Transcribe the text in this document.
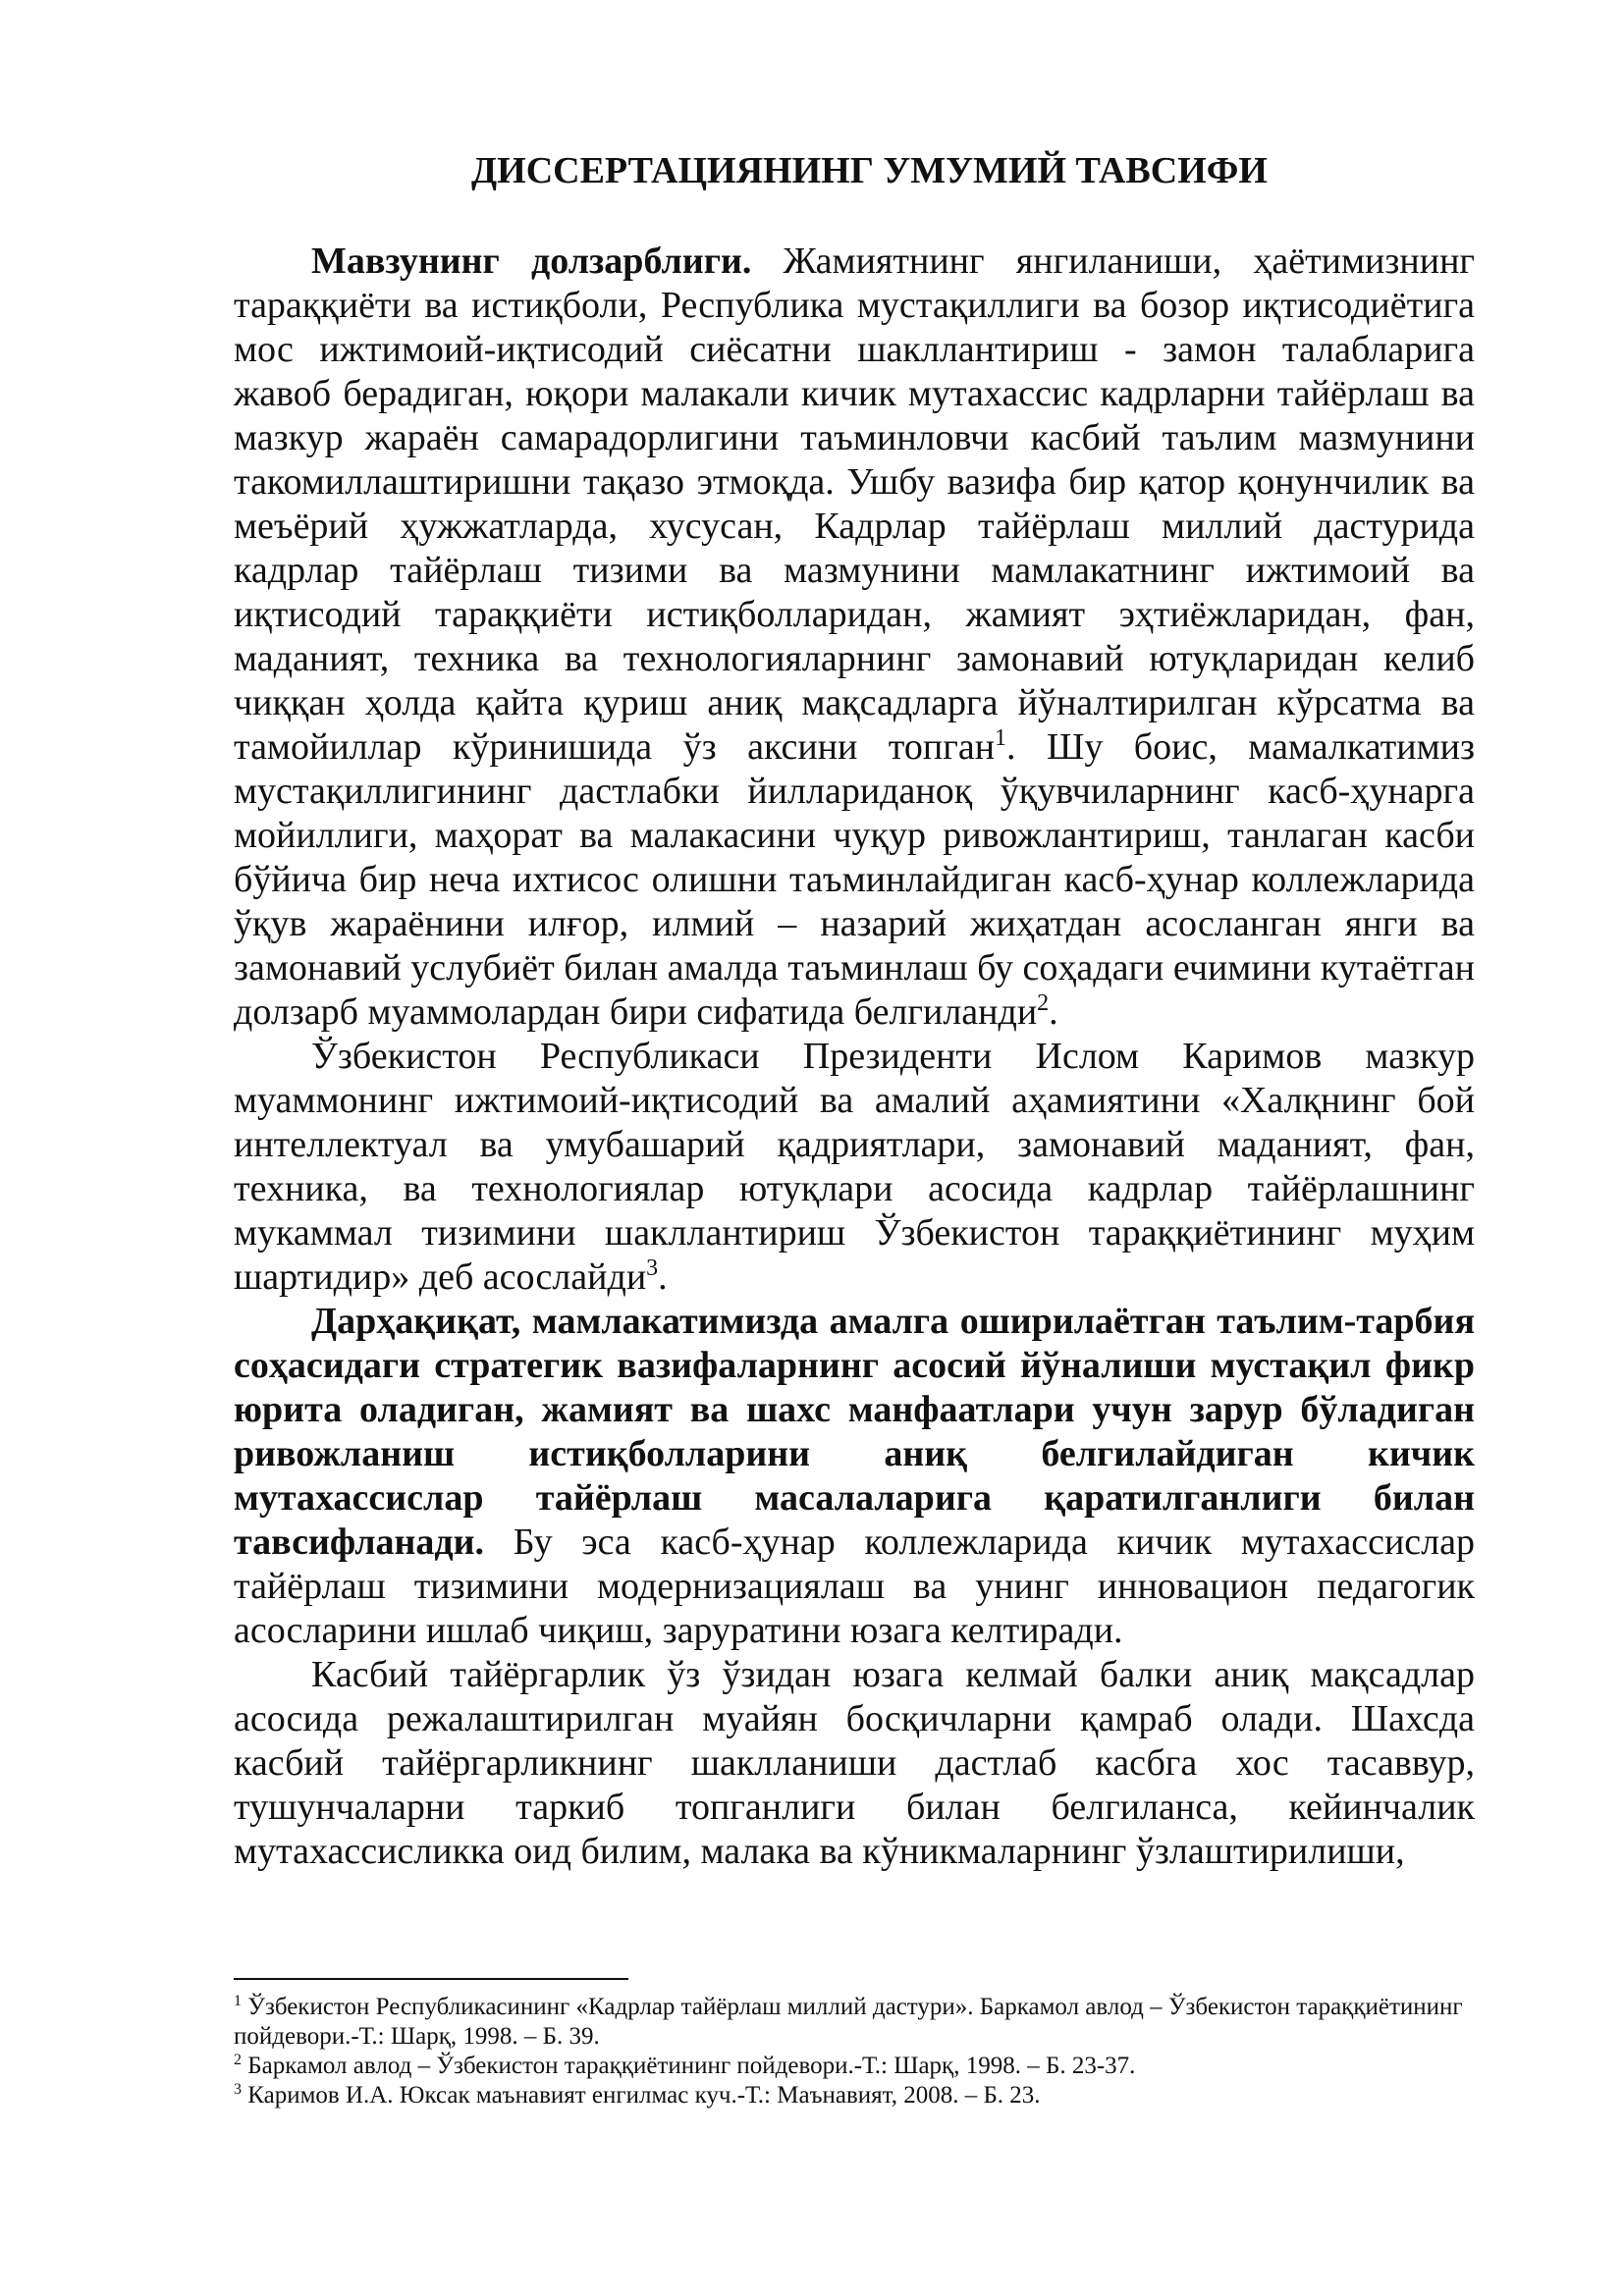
ДИССЕРТАЦИЯНИНГ УМУМИЙ ТАВСИФИ

Мавзунинг долзарблиги. Жамиятнинг янгиланиши, ҳаётимизнинг тараққиёти ва истиқболи, Республика мустақиллиги ва бозор иқтисодиётига мос ижтимоий-иқтисодий сиёсатни шакллантириш - замон талабларига жавоб берадиган, юқори малакали кичик мутахассис кадрларни тайёрлаш ва мазкур жараён самарадорлигини таъминловчи касбий таълим мазмунини такомиллаштиришни тақазо этмоқда. Ушбу вазифа бир қатор қонунчилик ва меъёрий ҳужжатларда, хусусан, Кадрлар тайёрлаш миллий дастурида кадрлар тайёрлаш тизими ва мазмунини мамлакатнинг ижтимоий ва иқтисодий тараққиёти истиқболларидан, жамият эҳтиёжларидан, фан, маданият, техника ва технологияларнинг замонавий ютуқларидан келиб чиққан ҳолда қайта қуриш аниқ мақсадларга йўналтирилган кўрсатма ва тамойиллар кўринишида ўз аксини топган$^1$. Шу боис, мамалкатимиз мустақиллигининг дастлабки йиллариданоқ ўқувчиларнинг касб-ҳунарга мойиллиги, маҳорат ва малакасини чуқур ривожлантириш, танлаган касби бўйича бир неча ихтисос олишни таъминлайдиган касб-ҳунар коллежларида ўқув жараёнини илғор, илмий – назарий жиҳатдан асосланган янги ва замонавий услубиёт билан амалда таъминлаш бу соҳадаги ечимини кутаётган долзарб муаммолардан бири сифатида белгиланди$^2$.

Ўзбекистон Республикаси Президенти Ислом Каримов мазкур муаммонинг ижтимоий-иқтисодий ва амалий аҳамиятини «Халқнинг бой интеллектуал ва умубашарий қадриятлари, замонавий маданият, фан, техника, ва технологиялар ютуқлари асосида кадрлар тайёрлашнинг мукаммал тизимини шакллантириш Ўзбекистон тараққиётининг муҳим шартидир» деб асослайди$^3$.

Дарҳақиқат, мамлакатимизда амалга оширилаётган таълим-тарбия соҳасидаги стратегик вазифаларнинг асосий йўналиши мустақил фикр юрита оладиган, жамият ва шахс манфаатлари учун зарур бўладиган ривожланиш истиқболларини аниқ белгилайдиган кичик мутахассислар тайёрлаш масалаларига қаратилганлиги билан тавсифланади. Бу эса касб-ҳунар коллежларида кичик мутахассислар тайёрлаш тизимини модернизациялаш ва унинг инновацион педагогик асосларини ишлаб чиқиш, заруратини юзага келтиради.

Касбий тайёргарлик ўз ўзидан юзага келмай балки аниқ мақсадлар асосида режалаштирилган муайян босқичларни қамраб олади. Шахсда касбий тайёргарликнинг шаклланиши дастлаб касбга хос тасаввур, тушунчаларни таркиб топганлиги билан белгиланса, кейинчалик мутахассисликка оид билим, малака ва кўникмаларнинг ўзлаштирилиши,

$^1$ Ўзбекистон Республикасининг «Кадрлар тайёрлаш миллий дастури». Баркамол авлод – Ўзбекистон тараққиётининг пойдевори.-Т.: Шарқ, 1998. – Б. 39.

$^2$ Баркамол авлод – Ўзбекистон тараққиётининг пойдевори.-Т.: Шарқ, 1998. – Б. 23-37.

$^3$ Каримов И.А. Юксак маънавият енгилмас куч.-Т.: Маънавият, 2008. – Б. 23.
